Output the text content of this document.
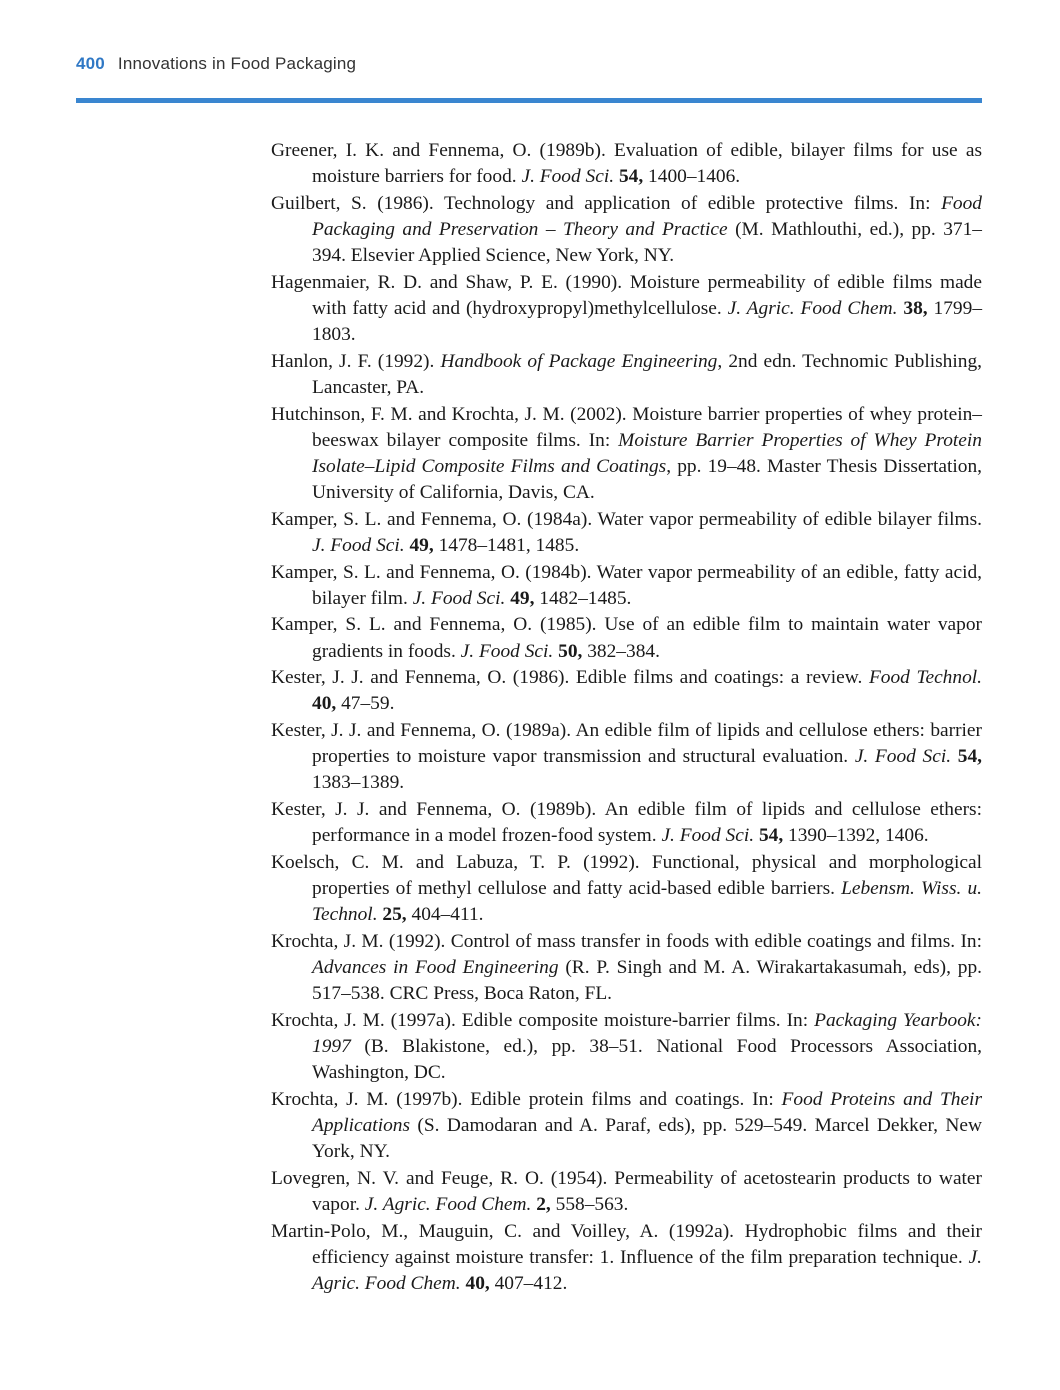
400 Innovations in Food Packaging

Greener, I. K. and Fennema, O. (1989b). Evaluation of edible, bilayer films for use as moisture barriers for food. J. Food Sci. 54, 1400–1406.

Guilbert, S. (1986). Technology and application of edible protective films. In: Food Packaging and Preservation – Theory and Practice (M. Mathlouthi, ed.), pp. 371–394. Elsevier Applied Science, New York, NY.

Hagenmaier, R. D. and Shaw, P. E. (1990). Moisture permeability of edible films made with fatty acid and (hydroxypropyl)methylcellulose. J. Agric. Food Chem. 38, 1799–1803.

Hanlon, J. F. (1992). Handbook of Package Engineering, 2nd edn. Technomic Publishing, Lancaster, PA.

Hutchinson, F. M. and Krochta, J. M. (2002). Moisture barrier properties of whey protein–beeswax bilayer composite films. In: Moisture Barrier Properties of Whey Protein Isolate–Lipid Composite Films and Coatings, pp. 19–48. Master Thesis Dissertation, University of California, Davis, CA.

Kamper, S. L. and Fennema, O. (1984a). Water vapor permeability of edible bilayer films. J. Food Sci. 49, 1478–1481, 1485.

Kamper, S. L. and Fennema, O. (1984b). Water vapor permeability of an edible, fatty acid, bilayer film. J. Food Sci. 49, 1482–1485.

Kamper, S. L. and Fennema, O. (1985). Use of an edible film to maintain water vapor gradients in foods. J. Food Sci. 50, 382–384.

Kester, J. J. and Fennema, O. (1986). Edible films and coatings: a review. Food Technol. 40, 47–59.

Kester, J. J. and Fennema, O. (1989a). An edible film of lipids and cellulose ethers: barrier properties to moisture vapor transmission and structural evaluation. J. Food Sci. 54, 1383–1389.

Kester, J. J. and Fennema, O. (1989b). An edible film of lipids and cellulose ethers: performance in a model frozen-food system. J. Food Sci. 54, 1390–1392, 1406.

Koelsch, C. M. and Labuza, T. P. (1992). Functional, physical and morphological properties of methyl cellulose and fatty acid-based edible barriers. Lebensm. Wiss. u. Technol. 25, 404–411.

Krochta, J. M. (1992). Control of mass transfer in foods with edible coatings and films. In: Advances in Food Engineering (R. P. Singh and M. A. Wirakartakasumah, eds), pp. 517–538. CRC Press, Boca Raton, FL.

Krochta, J. M. (1997a). Edible composite moisture-barrier films. In: Packaging Yearbook: 1997 (B. Blakistone, ed.), pp. 38–51. National Food Processors Association, Washington, DC.

Krochta, J. M. (1997b). Edible protein films and coatings. In: Food Proteins and Their Applications (S. Damodaran and A. Paraf, eds), pp. 529–549. Marcel Dekker, New York, NY.

Lovegren, N. V. and Feuge, R. O. (1954). Permeability of acetostearin products to water vapor. J. Agric. Food Chem. 2, 558–563.

Martin-Polo, M., Mauguin, C. and Voilley, A. (1992a). Hydrophobic films and their efficiency against moisture transfer: 1. Influence of the film preparation technique. J. Agric. Food Chem. 40, 407–412.
